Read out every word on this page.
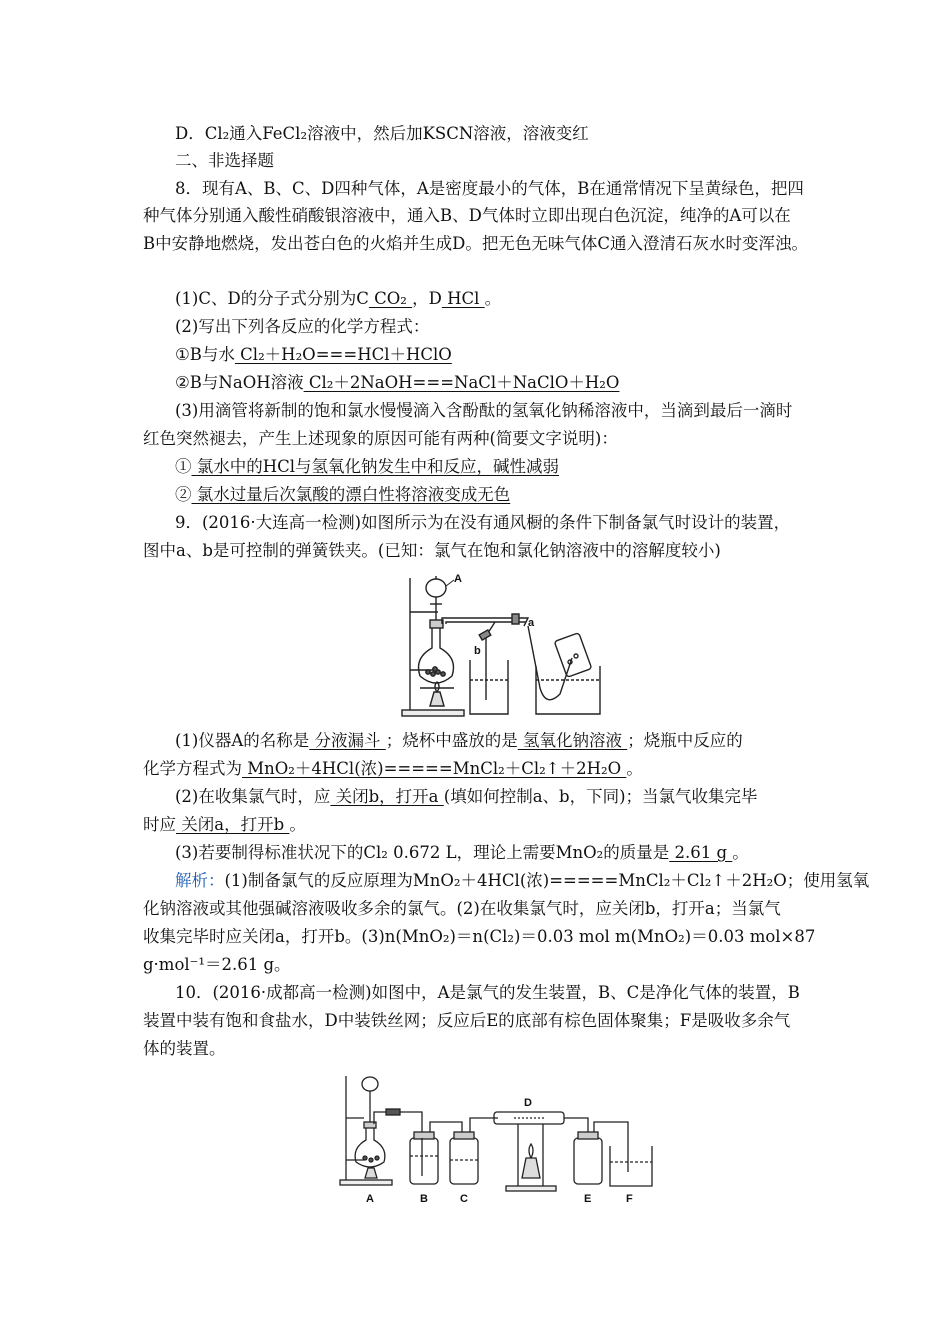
D．Cl₂通入FeCl₂溶液中，然后加KSCN溶液，溶液变红
二、非选择题
8．现有A、B、C、D四种气体，A是密度最小的气体，B在通常情况下呈黄绿色，把四
种气体分别通入酸性硝酸银溶液中，通入B、D气体时立即出现白色沉淀，纯净的A可以在
B中安静地燃烧，发出苍白色的火焰并生成D。把无色无味气体C通入澄清石灰水时变浑浊。
(1)C、D的分子式分别为C CO₂ ，D HCl 。
(2)写出下列各反应的化学方程式：
①B与水 Cl₂＋H₂O===HCl＋HClO
②B与NaOH溶液 Cl₂＋2NaOH===NaCl＋NaClO＋H₂O
(3)用滴管将新制的饱和氯水慢慢滴入含酚酞的氢氧化钠稀溶液中，当滴到最后一滴时
红色突然褪去，产生上述现象的原因可能有两种(简要文字说明)：
① 氯水中的HCl与氢氧化钠发生中和反应，碱性减弱
② 氯水过量后次氯酸的漂白性将溶液变成无色
9．(2016·大连高一检测)如图所示为在没有通风橱的条件下制备氯气时设计的装置，
图中a、b是可控制的弹簧铁夹。(已知：氯气在饱和氯化钠溶液中的溶解度较小)
A
a
b
(1)仪器A的名称是 分液漏斗 ；烧杯中盛放的是 氢氧化钠溶液 ；烧瓶中反应的
化学方程式为 MnO₂＋4HCl(浓)=====MnCl₂＋Cl₂↑＋2H₂O 。
(2)在收集氯气时，应 关闭b，打开a (填如何控制a、b，下同)；当氯气收集完毕
时应 关闭a，打开b 。
(3)若要制得标准状况下的Cl₂ 0.672 L，理论上需要MnO₂的质量是 2.61 g 。
解析：(1)制备氯气的反应原理为MnO₂＋4HCl(浓)=====MnCl₂＋Cl₂↑＋2H₂O；使用氢氧
化钠溶液或其他强碱溶液吸收多余的氯气。(2)在收集氯气时，应关闭b，打开a；当氯气
收集完毕时应关闭a，打开b。(3)n(MnO₂)＝n(Cl₂)＝0.03 mol m(MnO₂)＝0.03 mol×87
g·mol⁻¹＝2.61 g。
10．(2016·成都高一检测)如图中，A是氯气的发生装置，B、C是净化气体的装置，B
装置中装有饱和食盐水，D中装铁丝网；反应后E的底部有棕色固体聚集；F是吸收多余气
体的装置。
A	B	C
D
E	F
